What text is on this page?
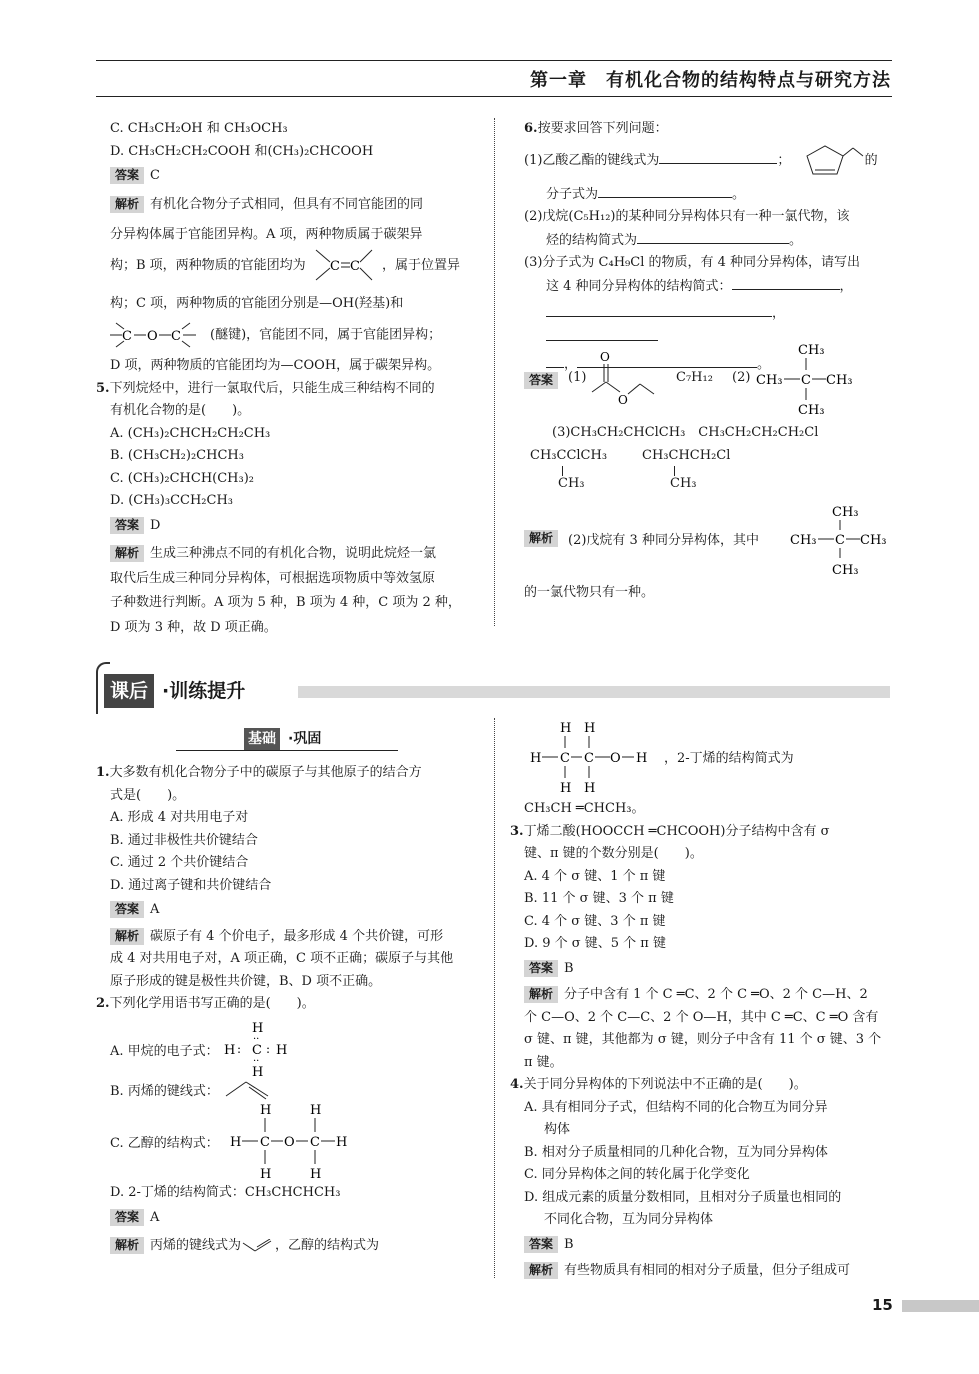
第一章　有机化合物的结构特点与研究方法

C. CH₃CH₂OH 和 CH₃OCH₃

D. CH₃CH₂CH₂COOH 和(CH₃)₂CHCOOH

答案 C

解析 有机化合物分子式相同，但具有不同官能团的同

分异构体属于官能团异构。A 项，两种物质属于碳架异

构；B 项，两种物质的官能团均为 C C ，属于位置异

构；C 项，两种物质的官能团分别是—OH(羟基)和

C O C (醚键)，官能团不同，属于官能团异构；

D 项，两种物质的官能团均为—COOH，属于碳架异构。

5.下列烷烃中，进行一氯取代后，只能生成三种结构不同的

有机化合物的是(　　)。

A. (CH₃)₂CHCH₂CH₂CH₃

B. (CH₃CH₂)₂CHCH₃

C. (CH₃)₂CHCH(CH₃)₂

D. (CH₃)₃CCH₂CH₃

答案 D

解析 生成三种沸点不同的有机化合物，说明此烷烃一氯

取代后生成三种同分异构体，可根据选项物质中等效氢原

子种数进行判断。A 项为 5 种，B 项为 4 种，C 项为 2 种，

D 项为 3 种，故 D 项正确。

6.按要求回答下列问题：

(1)乙酸乙酯的键线式为	；	的

分子式为	。

(2)戊烷(C₅H₁₂)的某种同分异构体只有一种一氯代物，该

烃的结构简式为	。

(3)分子式为 C₄H₉Cl 的物质，有 4 种同分异构体，请写出

这 4 种同分异构体的结构简式：	，

，

，	。

答案	(1)
O
O
C₇H₁₂ (2)
CH₃
CH₃ C CH₃
CH₃

(3)CH₃CH₂CHClCH₃　CH₃CH₂CH₂CH₂Cl

CH₃CClCH₃
CH₃
CH₃CHCH₂Cl
CH₃
解析	(2)戊烷有 3 种同分异构体，其中
CH₃
CH₃ C CH₃
CH₃

的一氯代物只有一种。

课后 ·训练提升
基础 ·巩固

1.大多数有机化合物分子中的碳原子与其他原子的结合方

式是(　　)。

A. 形成 4 对共用电子对

B. 通过非极性共价键结合

C. 通过 2 个共价键结合

D. 通过离子键和共价键结合

答案 A

解析 碳原子有 4 个价电子，最多形成 4 个共价键，可形

成 4 对共用电子对，A 项正确，C 项不正确；碳原子与其他

原子形成的键是极性共价键，B、D 项不正确。

2.下列化学用语书写正确的是(　　)。

A. 甲烷的电子式：
H
··
H : C : H
··
H
B. 丙烯的键线式：
C. 乙醇的结构式：
H	H
H C O C H
H	H

D. 2-丁烯的结构简式：CH₃CHCHCH₃

答案 A

解析 丙烯的键线式为	，乙醇的结构式为

H H
H C C O H
H H
，2-丁烯的结构简式为

CH₃CH ═CHCH₃。

3.丁烯二酸(HOOCCH ═CHCOOH)分子结构中含有 σ

键、π 键的个数分别是(　　)。

A. 4 个 σ 键、1 个 π 键

B. 11 个 σ 键、3 个 π 键

C. 4 个 σ 键、3 个 π 键

D. 9 个 σ 键、5 个 π 键

答案 B

解析 分子中含有 1 个 C ═C、2 个 C ═O、2 个 C—H、2

个 C—O、2 个 C—C、2 个 O—H，其中 C ═C、C ═O 含有

σ 键、π 键，其他都为 σ 键，则分子中含有 11 个 σ 键、3 个

π 键。

4.关于同分异构体的下列说法中不正确的是(　　)。

A. 具有相同分子式，但结构不同的化合物互为同分异

构体

B. 相对分子质量相同的几种化合物，互为同分异构体

C. 同分异构体之间的转化属于化学变化

D. 组成元素的质量分数相同，且相对分子质量也相同的

不同化合物，互为同分异构体

答案 B

解析 有些物质具有相同的相对分子质量，但分子组成可

15
